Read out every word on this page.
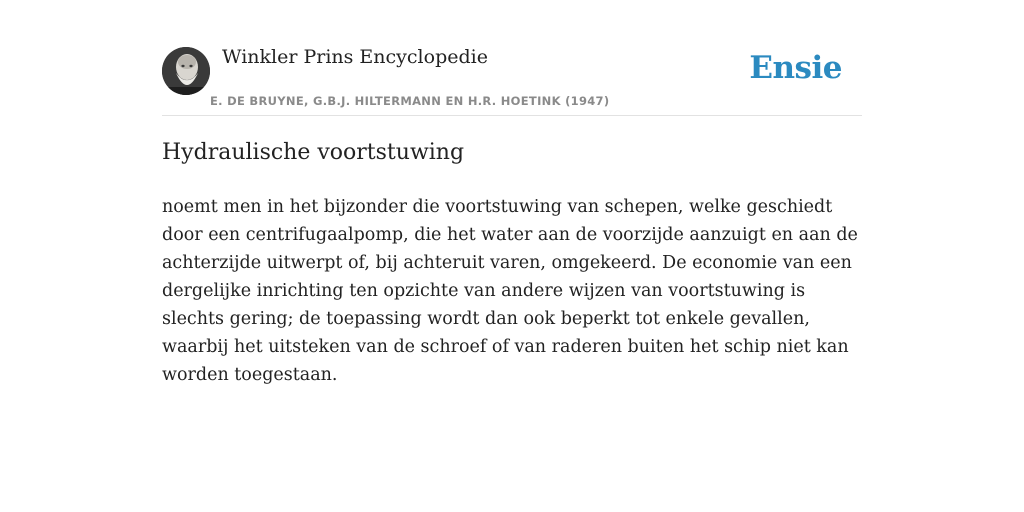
Winkler Prins Encyclopedie
E. DE BRUYNE, G.B.J. HILTERMANN EN H.R. HOETINK (1947)
Ensie
Hydraulische voortstuwing

noemt men in het bijzonder die voortstuwing van schepen, welke geschiedt door een centrifugaalpomp, die het water aan de voorzijde aanzuigt en aan de achterzijde uitwerpt of, bij achteruit varen, omgekeerd. De economie van een dergelijke inrichting ten opzichte van andere wijzen van voortstuwing is slechts gering; de toepassing wordt dan ook beperkt tot enkele gevallen, waarbij het uitsteken van de schroef of van raderen buiten het schip niet kan worden toegestaan.
